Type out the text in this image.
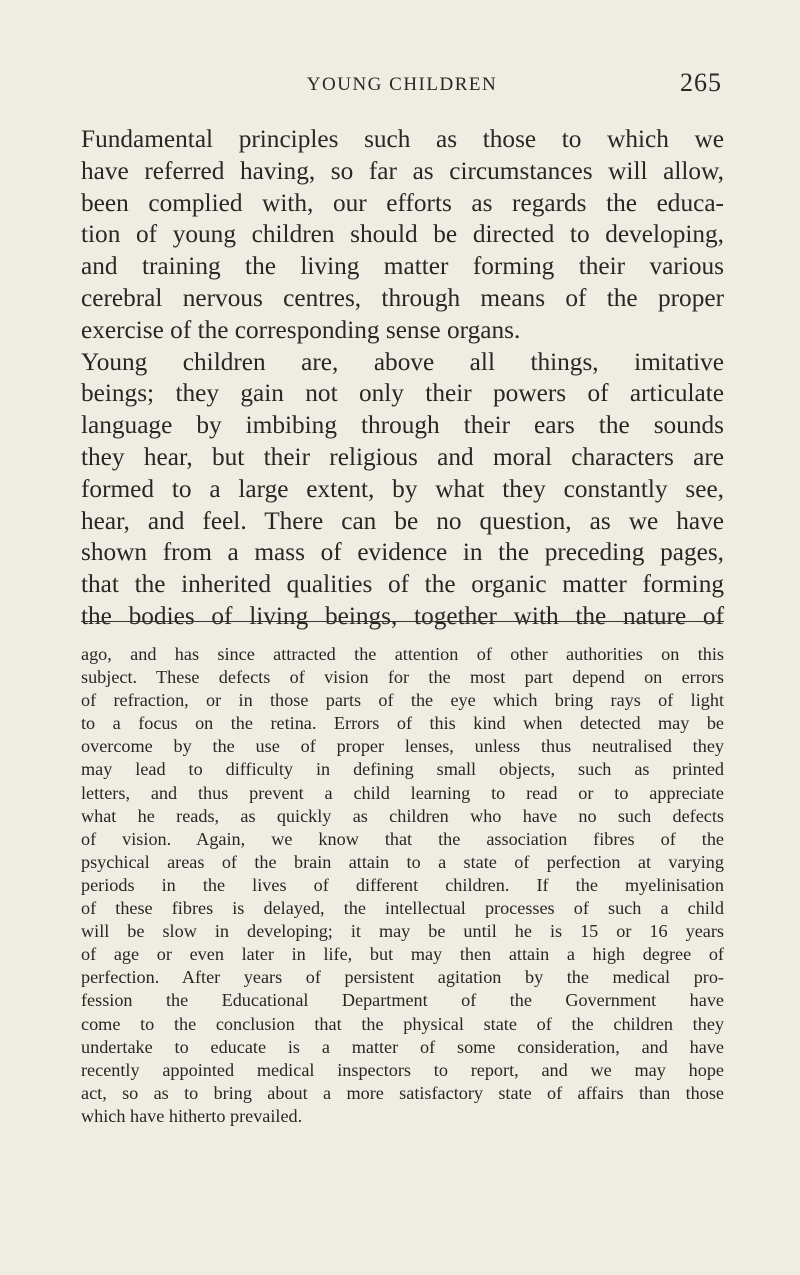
YOUNG CHILDREN	265
Fundamental principles such as those to which we
have referred having, so far as circumstances will allow,
been complied with, our efforts as regards the educa-
tion of young children should be directed to developing,
and training the living matter forming their various
cerebral nervous centres, through means of the proper
exercise of the corresponding sense organs.
Young children are, above all things, imitative
beings; they gain not only their powers of articulate
language by imbibing through their ears the sounds
they hear, but their religious and moral characters are
formed to a large extent, by what they constantly see,
hear, and feel. There can be no question, as we have
shown from a mass of evidence in the preceding pages,
that the inherited qualities of the organic matter forming
the bodies of living beings, together with the nature of
ago, and has since attracted the attention of other authorities on this
subject. These defects of vision for the most part depend on errors
of refraction, or in those parts of the eye which bring rays of light
to a focus on the retina. Errors of this kind when detected may be
overcome by the use of proper lenses, unless thus neutralised they
may lead to difficulty in defining small objects, such as printed
letters, and thus prevent a child learning to read or to appreciate
what he reads, as quickly as children who have no such defects
of vision. Again, we know that the association fibres of the
psychical areas of the brain attain to a state of perfection at varying
periods in the lives of different children. If the myelinisation
of these fibres is delayed, the intellectual processes of such a child
will be slow in developing; it may be until he is 15 or 16 years
of age or even later in life, but may then attain a high degree of
perfection. After years of persistent agitation by the medical pro-
fession the Educational Department of the Government have
come to the conclusion that the physical state of the children they
undertake to educate is a matter of some consideration, and have
recently appointed medical inspectors to report, and we may hope
act, so as to bring about a more satisfactory state of affairs than those
which have hitherto prevailed.
